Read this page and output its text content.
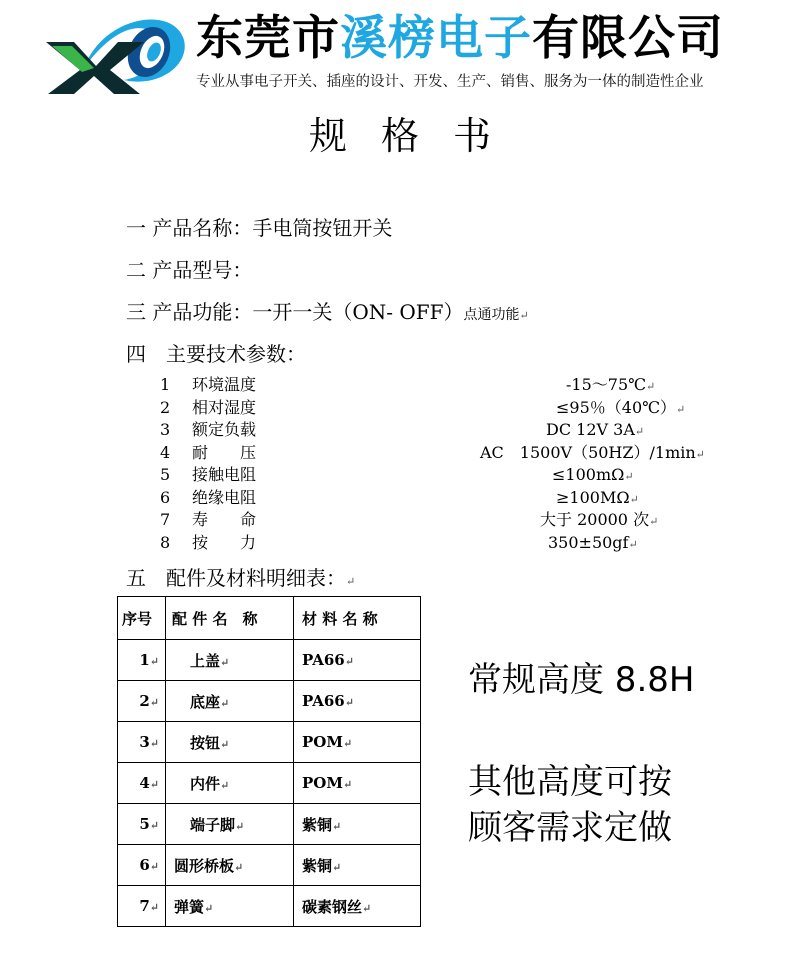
东莞市溪榜电子有限公司
专业从事电子开关、插座的设计、开发、生产、销售、服务为一体的制造性企业
规格书
一 产品名称：手电筒按钮开关
二 产品型号：
三 产品功能：一开一关（ON- OFF）点通功能↵
四　主要技术参数：
1	环境温度	-15～75℃↵
2	相对湿度	≤95％（40℃）↵
3	额定负载	DC 12V 3A↵
4	耐　　压	AC　1500V（50HZ）/1min↵
5	接触电阻	≤100mΩ↵
6	绝缘电阻	≥100MΩ↵
7	寿　　命	大于 20000 次↵
8	按　　力	350±50gf↵
五　配件及材料明细表：↵
序号	配 件 名　称	材 料 名 称
1↵	上盖↵	PA66↵
2↵	底座↵	PA66↵
3↵	按钮↵	POM↵
4↵	内件↵	POM↵
5↵	端子脚↵	紫铜↵
6↵	圆形桥板↵	紫铜↵
7↵	弹簧↵	碳素钢丝↵
常规高度 8.8H
其他高度可按
顾客需求定做
